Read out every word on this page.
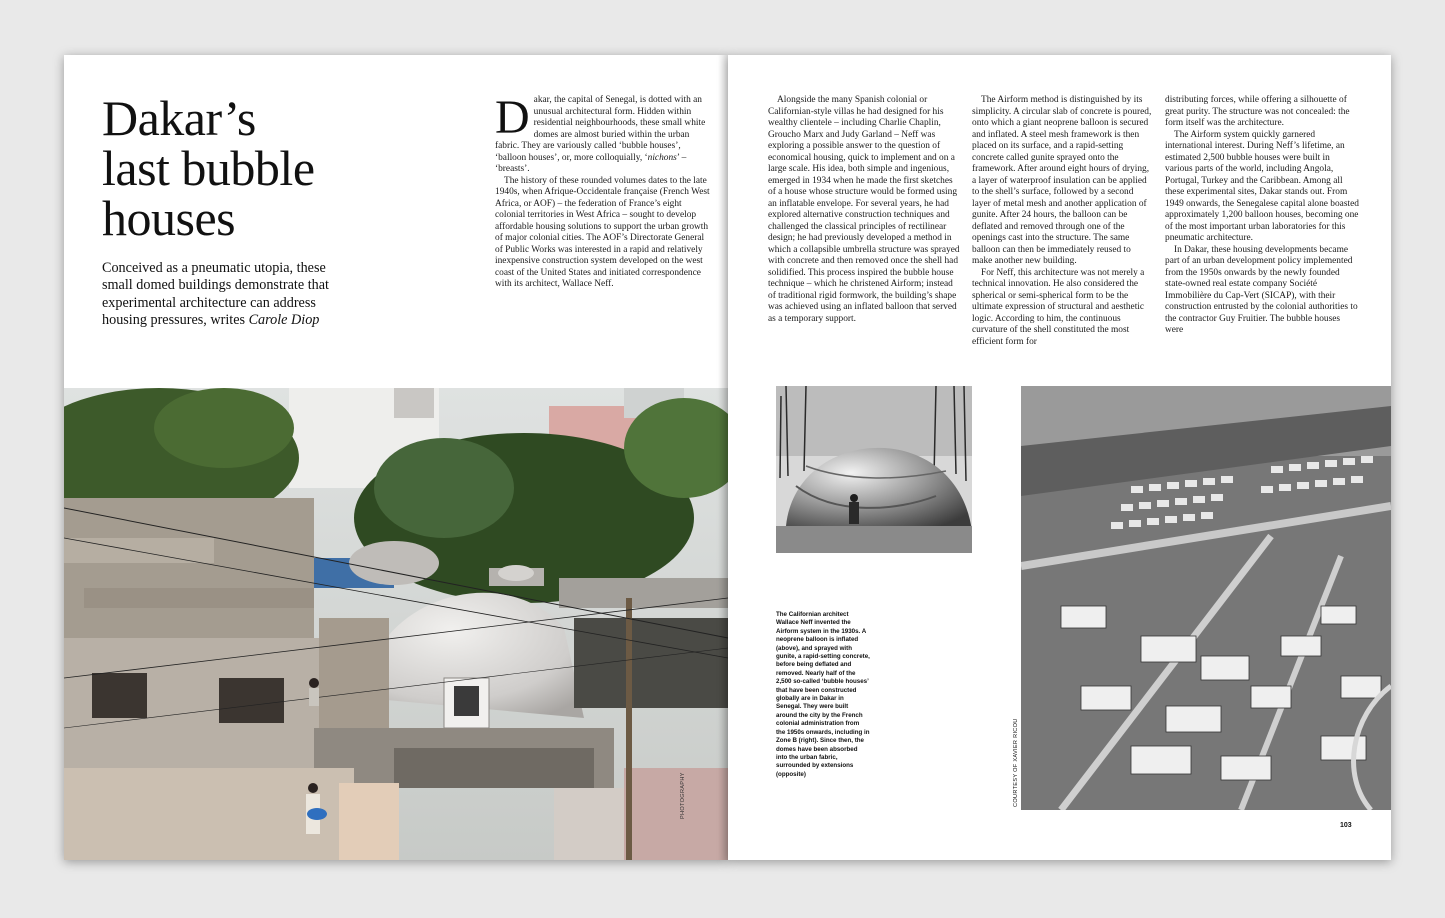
Dakar’s
last bubble
houses

Conceived as a pneumatic utopia, these small domed buildings demonstrate that experimental architecture can address housing pressures, writes Carole Diop

Dakar, the capital of Senegal, is dotted with an unusual architectural form. Hidden within residential neighbourhoods, these small white domes are almost buried within the urban fabric. They are variously called ‘bubble houses’, ‘balloon houses’, or, more colloquially, ‘nichons’ – ‘breasts’.

The history of these rounded volumes dates to the late 1940s, when Afrique-Occidentale française (French West Africa, or AOF) – the federation of France’s eight colonial territories in West Africa – sought to develop affordable housing solutions to support the urban growth of major colonial cities. The AOF’s Directorate General of Public Works was interested in a rapid and relatively inexpensive construction system developed on the west coast of the United States and initiated correspondence with its architect, Wallace Neff.

PHOTOGRAPHY

Alongside the many Spanish colonial or Californian-style villas he had designed for his wealthy clientele – including Charlie Chaplin, Groucho Marx and Judy Garland – Neff was exploring a possible answer to the question of economical housing, quick to implement and on a large scale. His idea, both simple and ingenious, emerged in 1934 when he made the first sketches of a house whose structure would be formed using an inflatable envelope. For several years, he had explored alternative construction techniques and challenged the classical principles of rectilinear design; he had previously developed a method in which a collapsible umbrella structure was sprayed with concrete and then removed once the shell had solidified. This process inspired the bubble house technique – which he christened Airform; instead of traditional rigid formwork, the building’s shape was achieved using an inflated balloon that served as a temporary support.

The Airform method is distinguished by its simplicity. A circular slab of concrete is poured, onto which a giant neoprene balloon is secured and inflated. A steel mesh framework is then placed on its surface, and a rapid-setting concrete called gunite sprayed onto the framework. After around eight hours of drying, a layer of waterproof insulation can be applied to the shell’s surface, followed by a second layer of metal mesh and another application of gunite. After 24 hours, the balloon can be deflated and removed through one of the openings cast into the structure. The same balloon can then be immediately reused to make another new building.

For Neff, this architecture was not merely a technical innovation. He also considered the spherical or semi-spherical form to be the ultimate expression of structural and aesthetic logic. According to him, the continuous curvature of the shell constituted the most efficient form for

distributing forces, while offering a silhouette of great purity. The structure was not concealed: the form itself was the architecture.

The Airform system quickly garnered international interest. During Neff’s lifetime, an estimated 2,500 bubble houses were built in various parts of the world, including Angola, Portugal, Turkey and the Caribbean. Among all these experimental sites, Dakar stands out. From 1949 onwards, the Senegalese capital alone boasted approximately 1,200 balloon houses, becoming one of the most important urban laboratories for this pneumatic architecture.

In Dakar, these housing developments became part of an urban development policy implemented from the 1950s onwards by the newly founded state-owned real estate company Société Immobilière du Cap-Vert (SICAP), with their construction entrusted by the colonial authorities to the contractor Guy Fruitier. The bubble houses were

The Californian architect Wallace Neff invented the Airform system in the 1930s. A neoprene balloon is inflated (above), and sprayed with gunite, a rapid-setting concrete, before being deflated and removed. Nearly half of the 2,500 so-called ‘bubble houses’ that have been constructed globally are in Dakar in Senegal. They were built around the city by the French colonial administration from the 1950s onwards, including in Zone B (right). Since then, the domes have been absorbed into the urban fabric, surrounded by extensions (opposite)	COURTESY OF XAVIER RICOU
103
